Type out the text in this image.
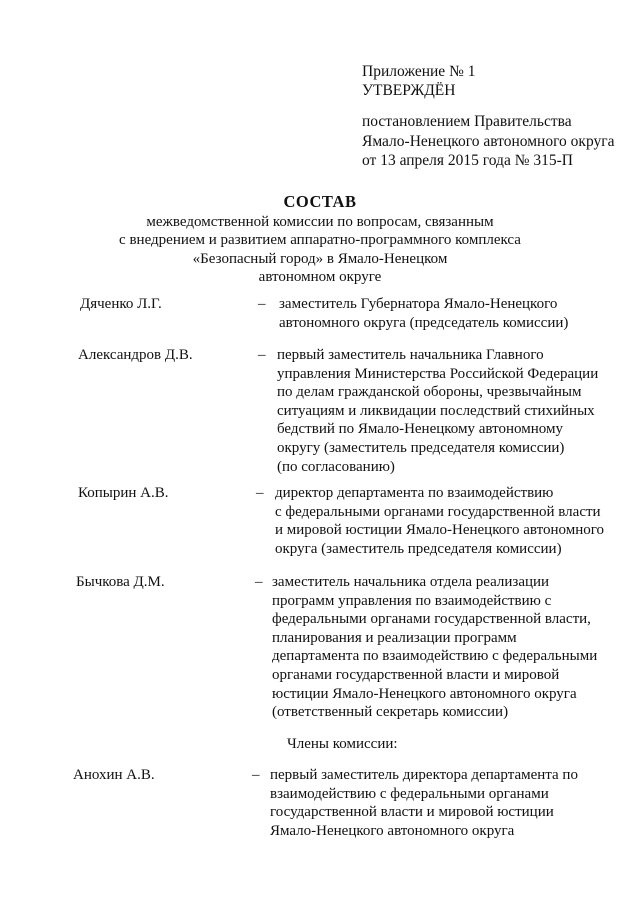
Приложение № 1
УТВЕРЖДЁН
постановлением Правительства
Ямало-Ненецкого автономного округа
от 13 апреля 2015 года № 315-П
СОСТАВ
межведомственной комиссии по вопросам, связанным
с внедрением и развитием аппаратно-программного комплекса
«Безопасный город» в Ямало-Ненецком
автономном округе
Дяченко Л.Г.	– заместитель Губернатора Ямало-Ненецкого
автономного округа (председатель комиссии)
Александров Д.В.	– первый заместитель начальника Главного
управления Министерства Российской Федерации
по делам гражданской обороны, чрезвычайным
ситуациям и ликвидации последствий стихийных
бедствий по Ямало-Ненецкому автономному
округу (заместитель председателя комиссии)
(по согласованию)
Копырин А.В.	– директор департамента по взаимодействию
с федеральными органами государственной власти
и мировой юстиции Ямало-Ненецкого автономного
округа (заместитель председателя комиссии)
Бычкова Д.М.	– заместитель начальника отдела реализации
программ управления по взаимодействию с
федеральными органами государственной власти,
планирования и реализации программ
департамента по взаимодействию с федеральными
органами государственной власти и мировой
юстиции Ямало-Ненецкого автономного округа
(ответственный секретарь комиссии)
Члены комиссии:
Анохин А.В.	– первый заместитель директора департамента по
взаимодействию с федеральными органами
государственной власти и мировой юстиции
Ямало-Ненецкого автономного округа
